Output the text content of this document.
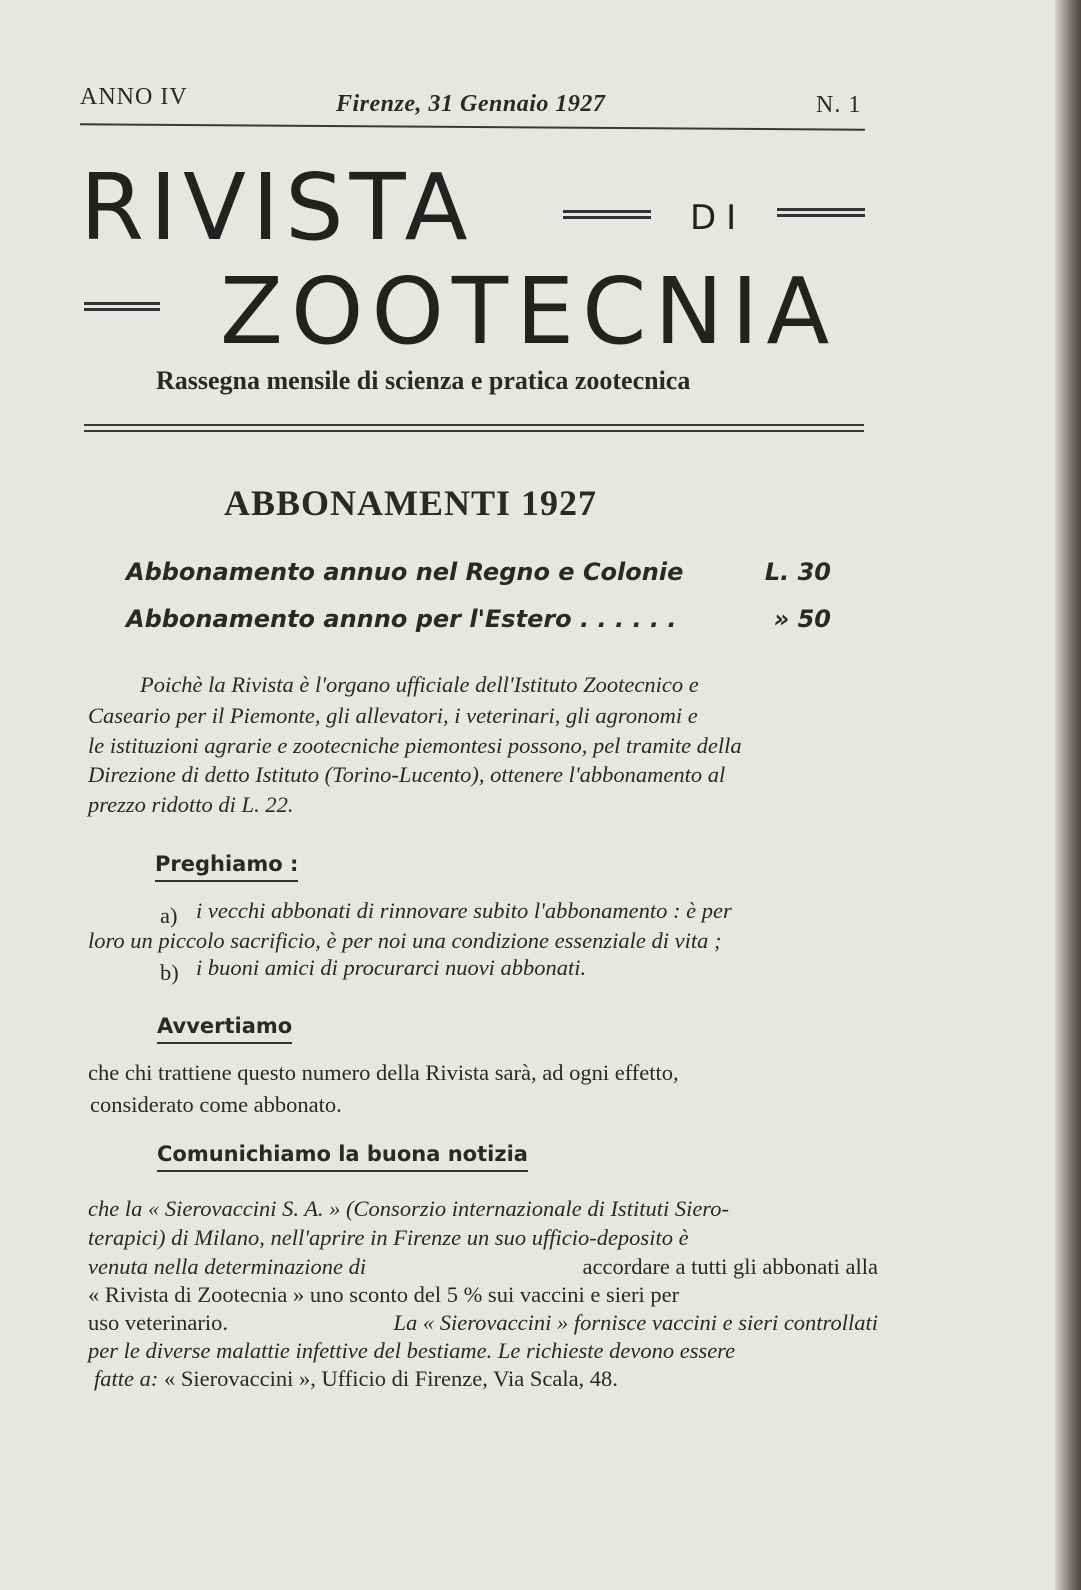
ANNO IV	Firenze, 31 Gennaio 1927	N. 1
RIVISTA	DI
ZOOTECNIA
Rassegna mensile di scienza e pratica zootecnica
ABBONAMENTI 1927
Abbonamento annuo nel Regno e Colonie	L. 30
Abbonamento annno per l'Estero . . . . . .	» 50
Poichè la Rivista è l'organo ufficiale dell'Istituto Zootecnico e
Caseario per il Piemonte, gli allevatori, i veterinari, gli agronomi e
le istituzioni agrarie e zootecniche piemontesi possono, pel tramite della
Direzione di detto Istituto (Torino-Lucento), ottenere l'abbonamento al
prezzo ridotto di L. 22.
Preghiamo :
a) i vecchi abbonati di rinnovare subito l'abbonamento : è per
loro un piccolo sacrificio, è per noi una condizione essenziale di vita ;
b) i buoni amici di procurarci nuovi abbonati.
Avvertiamo
che chi trattiene questo numero della Rivista sarà, ad ogni effetto,
considerato come abbonato.
Comunichiamo la buona notizia
che la « Sierovaccini S. A. » (Consorzio internazionale di Istituti Siero-
terapici) di Milano, nell'aprire in Firenze un suo ufficio-deposito è
venuta nella determinazione di	accordare a tutti gli abbonati alla
« Rivista di Zootecnia » uno sconto del 5 % sui vaccini e sieri per
uso veterinario.	La « Sierovaccini » fornisce vaccini e sieri controllati
per le diverse malattie infettive del bestiame. Le richieste devono essere
fatte a: « Sierovaccini », Ufficio di Firenze, Via Scala, 48.
